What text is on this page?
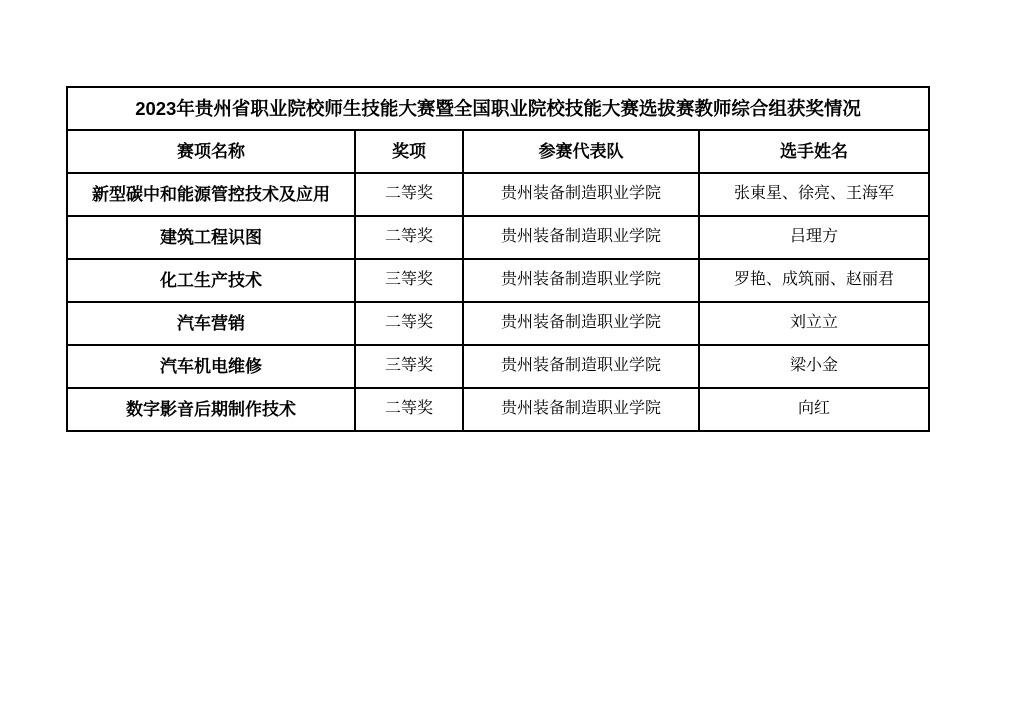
2023年贵州省职业院校师生技能大赛暨全国职业院校技能大赛选拔赛教师综合组获奖情况			
赛项名称	奖项	参赛代表队	选手姓名
新型碳中和能源管控技术及应用	二等奖	贵州装备制造职业学院	张東星、徐亮、王海军
建筑工程识图	二等奖	贵州装备制造职业学院	吕理方
化工生产技术	三等奖	贵州装备制造职业学院	罗艳、成筑丽、赵丽君
汽车营销	二等奖	贵州装备制造职业学院	刘立立
汽车机电维修	三等奖	贵州装备制造职业学院	梁小金
数字影音后期制作技术	二等奖	贵州装备制造职业学院	向红
